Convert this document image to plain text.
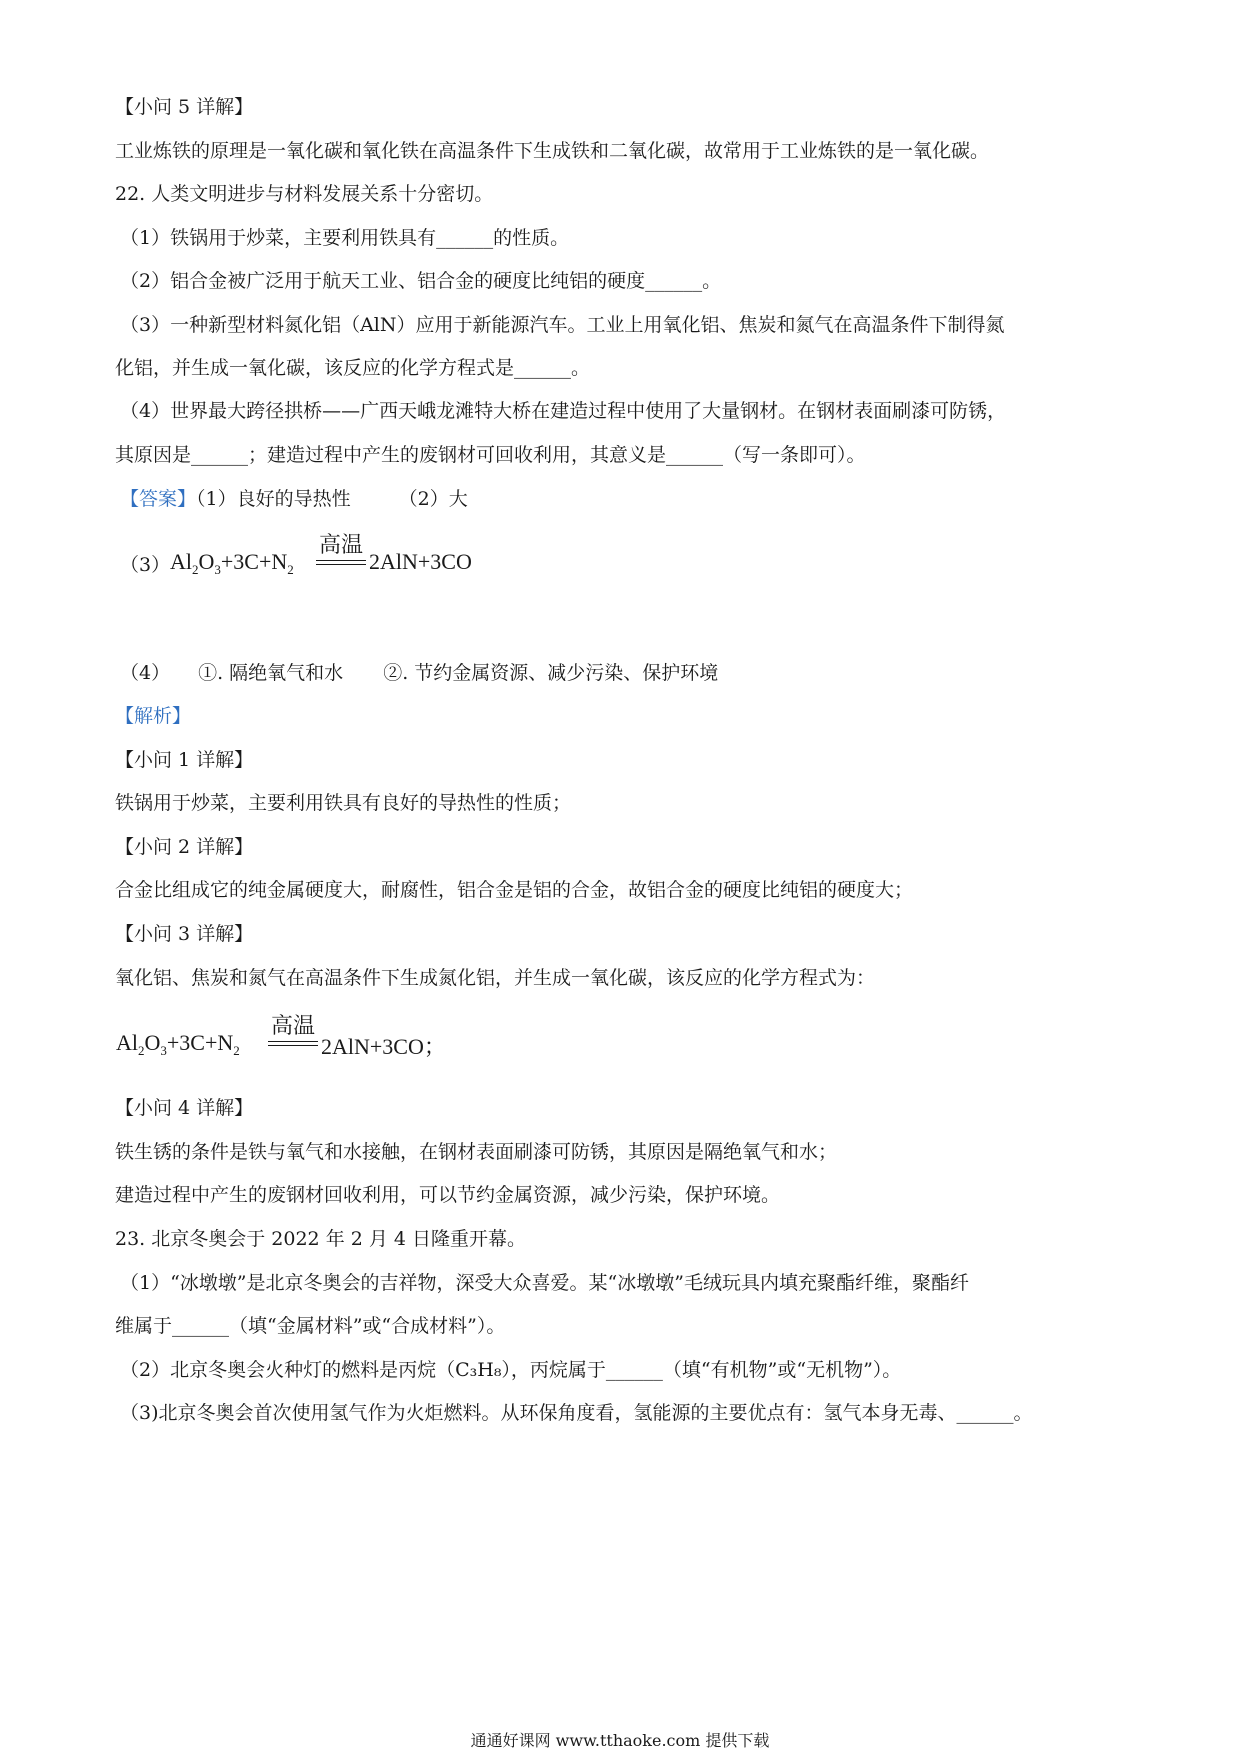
【小问 5 详解】
工业炼铁的原理是一氧化碳和氧化铁在高温条件下生成铁和二氧化碳，故常用于工业炼铁的是一氧化碳。
22. 人类文明进步与材料发展关系十分密切。
（1）铁锅用于炒菜，主要利用铁具有______的性质。
（2）铝合金被广泛用于航天工业、铝合金的硬度比纯铝的硬度______。
（3）一种新型材料氮化铝（AlN）应用于新能源汽车。工业上用氧化铝、焦炭和氮气在高温条件下制得氮
化铝，并生成一氧化碳，该反应的化学方程式是______。
（4）世界最大跨径拱桥——广西天峨龙滩特大桥在建造过程中使用了大量钢材。在钢材表面刷漆可防锈，
其原因是______；建造过程中产生的废钢材可回收利用，其意义是______（写一条即可）。
【答案】（1）良好的导热性	（2）大
（3） $Al_2O_3+3C+N_2$
高温
2AlN+3CO
（4） ①. 隔绝氧气和水 ②. 节约金属资源、减少污染、保护环境
【解析】
【小问 1 详解】
铁锅用于炒菜，主要利用铁具有良好的导热性的性质；
【小问 2 详解】
合金比组成它的纯金属硬度大，耐腐性，铝合金是铝的合金，故铝合金的硬度比纯铝的硬度大；
【小问 3 详解】
氧化铝、焦炭和氮气在高温条件下生成氮化铝，并生成一氧化碳，该反应的化学方程式为：
$Al_2O_3+3C+N_2$
高温
2AlN+3CO；
【小问 4 详解】
铁生锈的条件是铁与氧气和水接触，在钢材表面刷漆可防锈，其原因是隔绝氧气和水；
建造过程中产生的废钢材回收利用，可以节约金属资源，减少污染，保护环境。
23. 北京冬奥会于 2022 年 2 月 4 日隆重开幕。
（1）“冰墩墩”是北京冬奥会的吉祥物，深受大众喜爱。某“冰墩墩”毛绒玩具内填充聚酯纤维，聚酯纤
维属于______（填“金属材料”或“合成材料”）。
（2）北京冬奥会火种灯的燃料是丙烷（C₃H₈），丙烷属于______（填“有机物”或“无机物”）。
（3)北京冬奥会首次使用氢气作为火炬燃料。从环保角度看，氢能源的主要优点有：氢气本身无毒、______。
通通好课网 www.tthaoke.com 提供下载
